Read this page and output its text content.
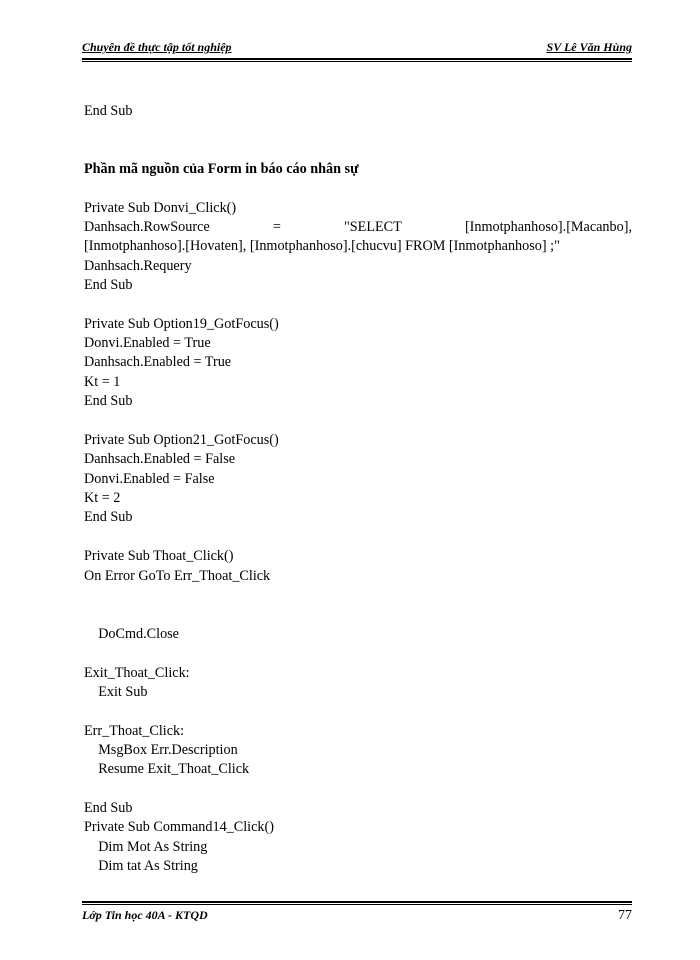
Chuyên đề thực tập tốt nghiệp	SV Lê Văn Hùng
End Sub
Phần mã nguồn của Form in báo cáo nhân sự
Private Sub Donvi_Click()
Danhsach.RowSource	=	"SELECT	[Inmotphanhoso].[Macanbo],
[Inmotphanhoso].[Hovaten], [Inmotphanhoso].[chucvu] FROM [Inmotphanhoso] ;"
Danhsach.Requery
End Sub
Private Sub Option19_GotFocus()
Donvi.Enabled = True
Danhsach.Enabled = True
Kt = 1
End Sub
Private Sub Option21_GotFocus()
Danhsach.Enabled = False
Donvi.Enabled = False
Kt = 2
End Sub
Private Sub Thoat_Click()
On Error GoTo Err_Thoat_Click
DoCmd.Close
Exit_Thoat_Click:
Exit Sub
Err_Thoat_Click:
MsgBox Err.Description
Resume Exit_Thoat_Click
End Sub
Private Sub Command14_Click()
Dim Mot As String
Dim tat As String
Lớp Tin học 40A - KTQD	77
